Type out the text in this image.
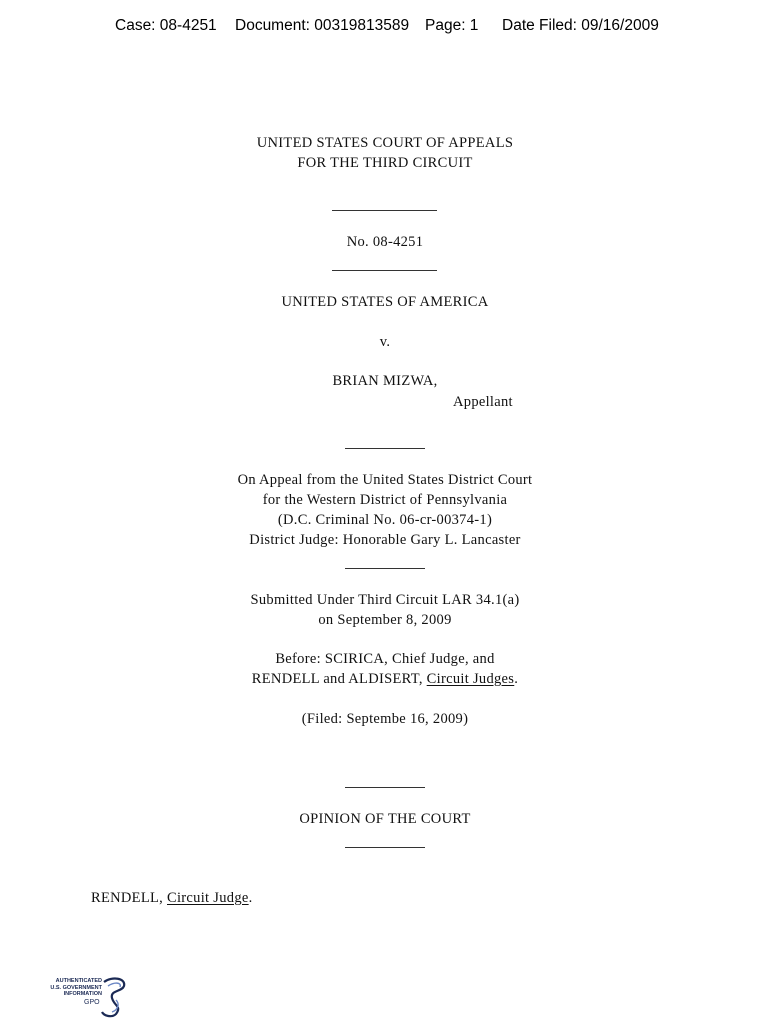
Case: 08-4251 Document: 00319813589 Page: 1 Date Filed: 09/16/2009
UNITED STATES COURT OF APPEALS
FOR THE THIRD CIRCUIT
No. 08-4251
UNITED STATES OF AMERICA
v.
BRIAN MIZWA,
Appellant
On Appeal from the United States District Court
for the Western District of Pennsylvania
(D.C. Criminal No. 06-cr-00374-1)
District Judge: Honorable Gary L. Lancaster
Submitted Under Third Circuit LAR 34.1(a)
on September 8, 2009
Before: SCIRICA, Chief Judge, and
RENDELL and ALDISERT, Circuit Judges.
(Filed: Septembe 16, 2009)
OPINION OF THE COURT
RENDELL, Circuit Judge.
AUTHENTICATED
U.S. GOVERNMENT
INFORMATION
GPO
